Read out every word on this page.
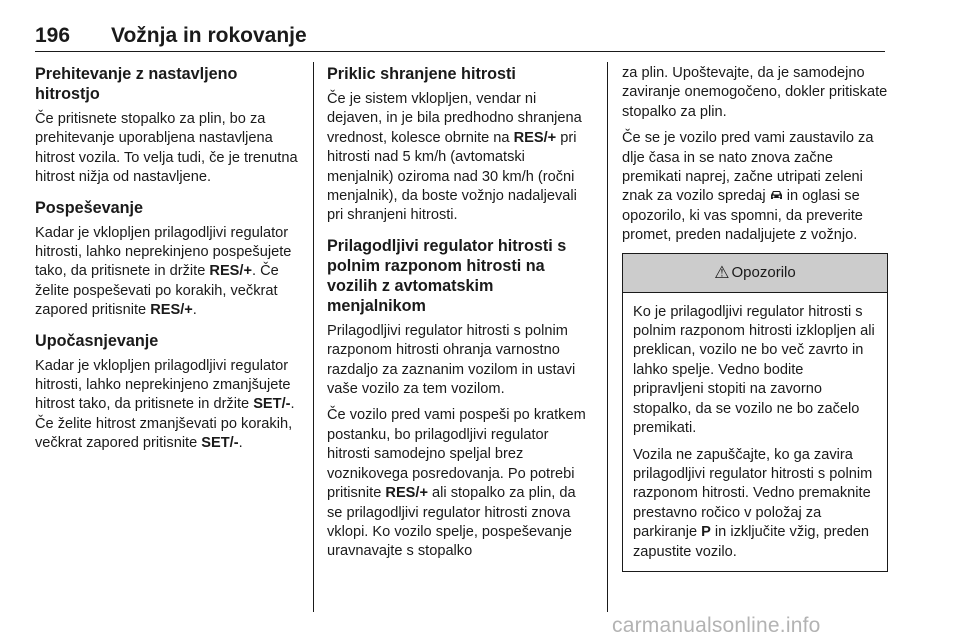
196 Vožnja in rokovanje
Prehitevanje z nastavljeno hitrostjo

Če pritisnete stopalko za plin, bo za prehitevanje uporabljena nastavljena hitrost vozila. To velja tudi, če je trenutna hitrost nižja od nastavljene.

Pospeševanje

Kadar je vklopljen prilagodljivi regulator hitrosti, lahko neprekinjeno pospešujete tako, da pritisnete in držite RES/+. Če želite pospeševati po korakih, večkrat zapored pritisnite RES/+.

Upočasnjevanje

Kadar je vklopljen prilagodljivi regulator hitrosti, lahko neprekinjeno zmanjšujete hitrost tako, da pritisnete in držite SET/-. Če želite hitrost zmanjševati po korakih, večkrat zapored pritisnite SET/-.

Priklic shranjene hitrosti

Če je sistem vklopljen, vendar ni dejaven, in je bila predhodno shranjena vrednost, kolesce obrnite na RES/+ pri hitrosti nad 5 km/h (avtomatski menjalnik) oziroma nad 30 km/h (ročni menjalnik), da boste vožnjo nadaljevali pri shranjeni hitrosti.

Prilagodljivi regulator hitrosti s polnim razponom hitrosti na vozilih z avtomatskim menjalnikom

Prilagodljivi regulator hitrosti s polnim razponom hitrosti ohranja varnostno razdaljo za zaznanim vozilom in ustavi vaše vozilo za tem vozilom.

Če vozilo pred vami pospeši po kratkem postanku, bo prilagodljivi regulator hitrosti samodejno speljal brez voznikovega posredovanja. Po potrebi pritisnite RES/+ ali stopalko za plin, da se prilagodljivi regulator hitrosti znova vklopi. Ko vozilo spelje, pospeševanje uravnavajte s stopalko

za plin. Upoštevajte, da je samodejno zaviranje onemogočeno, dokler pritiskate stopalko za plin.

Če se je vozilo pred vami zaustavilo za dlje časa in se nato znova začne premikati naprej, začne utripati zeleni znak za vozilo spredaj  in oglasi se opozorilo, ki vas spomni, da preverite promet, preden nadaljujete z vožnjo.

⚠ Opozorilo

Ko je prilagodljivi regulator hitrosti s polnim razponom hitrosti izklopljen ali preklican, vozilo ne bo več zavrto in lahko spelje. Vedno bodite pripravljeni stopiti na zavorno stopalko, da se vozilo ne bo začelo premikati.

Vozila ne zapuščajte, ko ga zavira prilagodljivi regulator hitrosti s polnim razponom hitrosti. Vedno premaknite prestavno ročico v položaj za parkiranje P in izključite vžig, preden zapustite vozilo.

carmanualsonline.info
